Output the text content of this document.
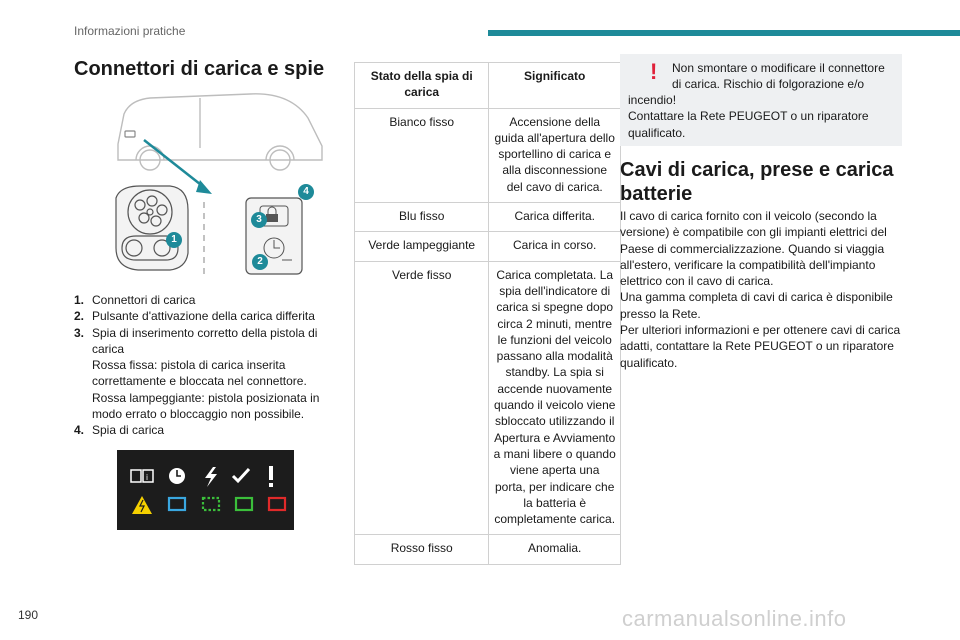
Informazioni pratiche
Connettori di carica e spie
1
2
3
4
1. Connettori di carica
2. Pulsante d'attivazione della carica differita
3. Spia di inserimento corretto della pistola di carica
Rossa fissa: pistola di carica inserita correttamente e bloccata nel connettore.
Rossa lampeggiante: pistola posizionata in modo errato o bloccaggio non possibile.
4. Spia di carica
i
Stato della spia di carica	Significato
Bianco fisso	Accensione della guida all'apertura dello sportellino di carica e alla disconnessione del cavo di carica.
Blu fisso	Carica differita.
Verde lampeggiante	Carica in corso.
Verde fisso	Carica completata. La spia dell'indicatore di carica si spegne dopo circa 2 minuti, mentre le funzioni del veicolo passano alla modalità standby. La spia si accende nuovamente quando il veicolo viene sbloccato utilizzando il Apertura e Avviamento a mani libere o quando viene aperta una porta, per indicare che la batteria è completamente carica.
Rosso fisso	Anomalia.
! Non smontare o modificare il connettore di carica. Rischio di folgorazione e/o
incendio!
Contattare la Rete PEUGEOT o un riparatore qualificato.
Cavi di carica, prese e carica batterie
Il cavo di carica fornito con il veicolo (secondo la versione) è compatibile con gli impianti elettrici del Paese di commercializzazione. Quando si viaggia all'estero, verificare la compatibilità dell'impianto elettrico con il cavo di carica.
Una gamma completa di cavi di carica è disponibile presso la Rete.
Per ulteriori informazioni e per ottenere cavi di carica adatti, contattare la Rete PEUGEOT o un riparatore qualificato.
190	carmanualsonline.info
